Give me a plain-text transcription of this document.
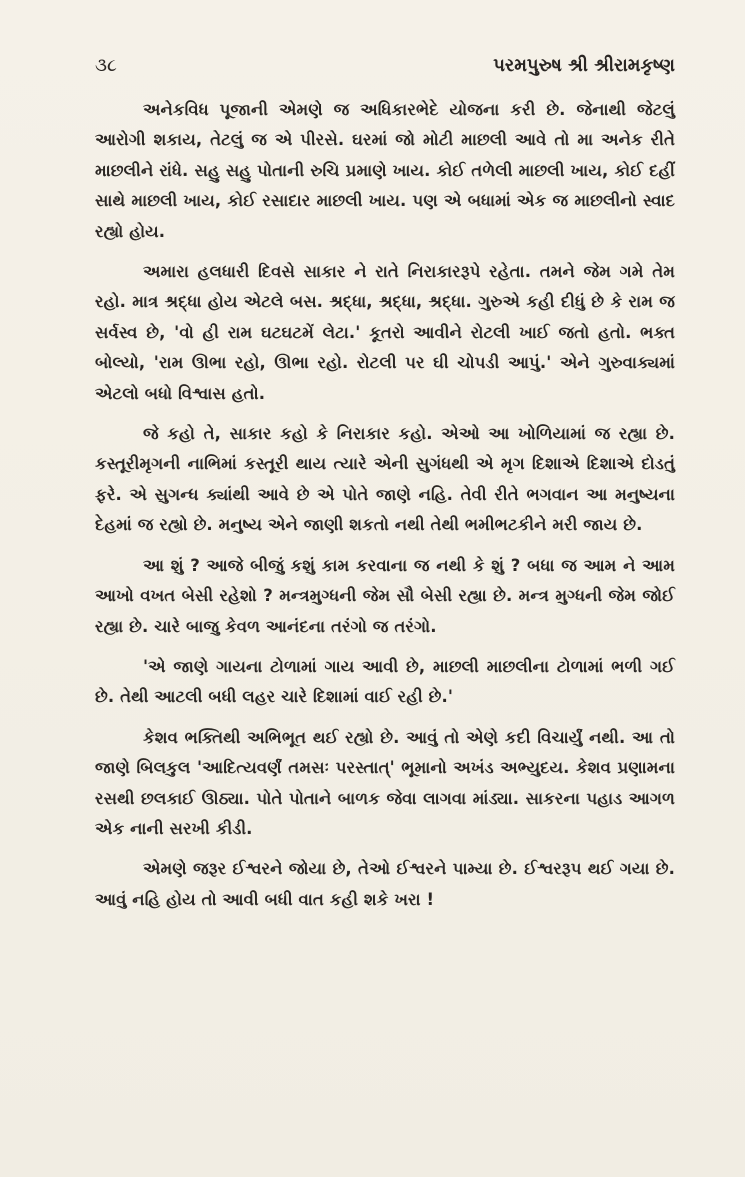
૩૮	પરમપુરુષ શ્રી શ્રીરામકૃષ્ણ

અનેકવિધ પૂજાની એમણે જ અધિકારભેદે યોજના કરી છે. જેનાથી જેટલું આરોગી શકાય, તેટલું જ એ પીરસે. ઘરમાં જો મોટી માછલી આવે તો મા અનેક રીતે માછલીને રાંધે. સહુ સહુ પોતાની રુચિ પ્રમાણે ખાય. કોઈ તળેલી માછલી ખાય, કોઈ દહીં સાથે માછલી ખાય, કોઈ રસાદાર માછલી ખાય. પણ એ બધામાં એક જ માછલીનો સ્વાદ રહ્યો હોય.

અમારા હલધારી દિવસે સાકાર ને રાતે નિરાકારરૂપે રહેતા. તમને જેમ ગમે તેમ રહો. માત્ર શ્રદ્ધા હોય એટલે બસ. શ્રદ્ધા, શ્રદ્ધા, શ્રદ્ધા. ગુરુએ કહી દીધું છે કે રામ જ સર્વસ્વ છે, 'વો હી રામ ઘટઘટમેં લેટા.' કૂતરો આવીને રોટલી ખાઈ જતો હતો. ભક્ત બોલ્યો, 'રામ ઊભા રહો, ઊભા રહો. રોટલી પર ઘી ચોપડી આપું.' એને ગુરુવાક્યમાં એટલો બધો વિશ્વાસ હતો.

જે કહો તે, સાકાર કહો કે નિરાકાર કહો. એઓ આ ખોળિયામાં જ રહ્યા છે. કસ્તૂરીમૃગની નાભિમાં કસ્તૂરી થાય ત્યારે એની સુગંધથી એ મૃગ દિશાએ દિશાએ દોડતું ફરે. એ સુગન્ધ ક્યાંથી આવે છે એ પોતે જાણે નહિ. તેવી રીતે ભગવાન આ મનુષ્યના દેહમાં જ રહ્યો છે. મનુષ્ય એને જાણી શકતો નથી તેથી ભમીભટકીને મરી જાય છે.

આ શું ? આજે બીજું કશું કામ કરવાના જ નથી કે શું ? બધા જ આમ ને આમ આખો વખત બેસી રહેશો ? મન્ત્રમુગ્ધની જેમ સૌ બેસી રહ્યા છે. મન્ત્ર મુગ્ધની જેમ જોઈ રહ્યા છે. ચારે બાજુ કેવળ આનંદના તરંગો જ તરંગો.

'એ જાણે ગાયના ટોળામાં ગાય આવી છે, માછલી માછલીના ટોળામાં ભળી ગઈ છે. તેથી આટલી બધી લહર ચારે દિશામાં વાઈ રહી છે.'

કેશવ ભક્તિથી અભિભૂત થઈ રહ્યો છે. આવું તો એણે કદી વિચાર્યું નથી. આ તો જાણે બિલકુલ 'આદિત્યવર્ણં તમસઃ પરસ્તાત્' ભૂમાનો અખંડ અભ્યુદય. કેશવ પ્રણામના રસથી છલકાઈ ઊઠ્યા. પોતે પોતાને બાળક જેવા લાગવા માંડ્યા. સાકરના પહાડ આગળ એક નાની સરખી કીડી.

એમણે જરૂર ઈશ્વરને જોયા છે, તેઓ ઈશ્વરને પામ્યા છે. ઈશ્વરરૂપ થઈ ગયા છે. આવું નહિ હોય તો આવી બધી વાત કહી શકે ખરા !
